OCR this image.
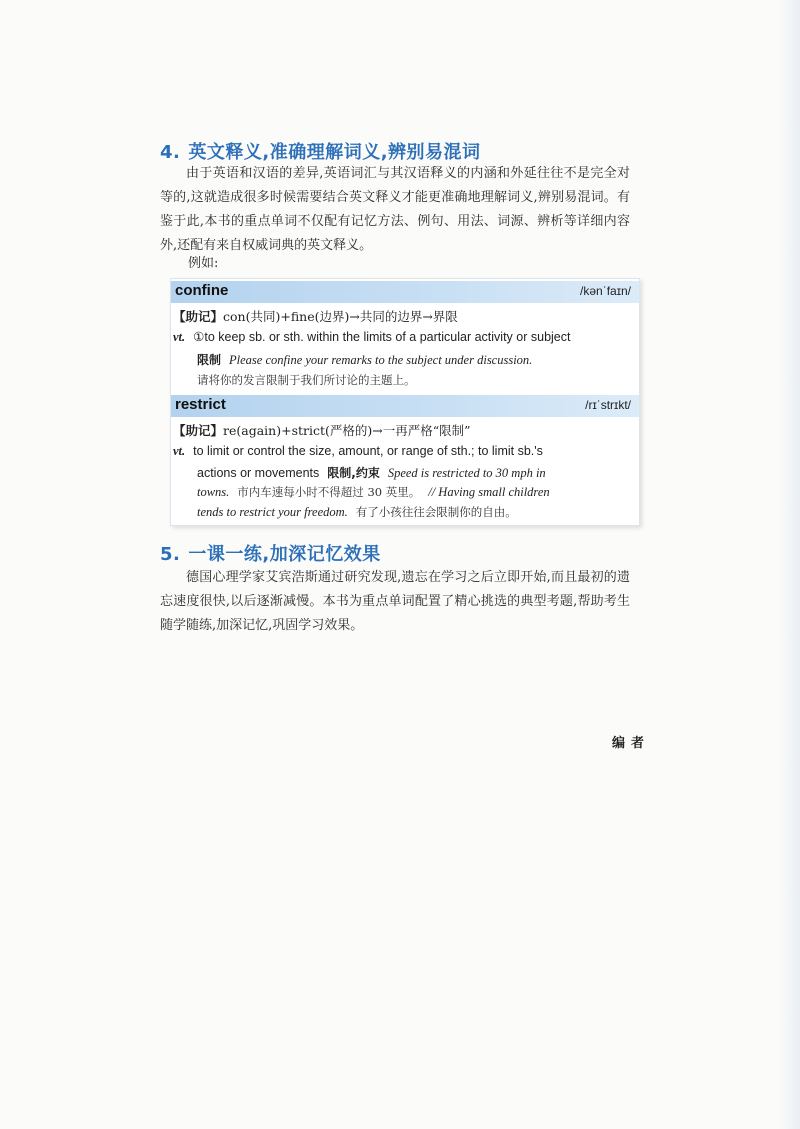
4. 英文释义,准确理解词义,辨别易混词
由于英语和汉语的差异,英语词汇与其汉语释义的内涵和外延往往不是完全对等的,这就造成很多时候需要结合英文释义才能更准确地理解词义,辨别易混词。有鉴于此,本书的重点单词不仅配有记忆方法、例句、用法、词源、辨析等详细内容外,还配有来自权威词典的英文释义。
例如:
confine	/kənˈfaɪn/
【助记】con(共同)+fine(边界)→共同的边界→界限
vt. ①to keep sb. or sth. within the limits of a particular activity or subject
限制 Please confine your remarks to the subject under discussion.
请将你的发言限制于我们所讨论的主题上。
restrict	/rɪˈstrɪkt/
【助记】re(again)+strict(严格的)→一再严格“限制”
vt. to limit or control the size, amount, or range of sth.; to limit sb.'s
actions or movements 限制,约束 Speed is restricted to 30 mph in
towns. 市内车速每小时不得超过 30 英里。 // Having small children
tends to restrict your freedom. 有了小孩往往会限制你的自由。
5. 一课一练,加深记忆效果
德国心理学家艾宾浩斯通过研究发现,遗忘在学习之后立即开始,而且最初的遗忘速度很快,以后逐渐减慢。本书为重点单词配置了精心挑选的典型考题,帮助考生随学随练,加深记忆,巩固学习效果。
编者
